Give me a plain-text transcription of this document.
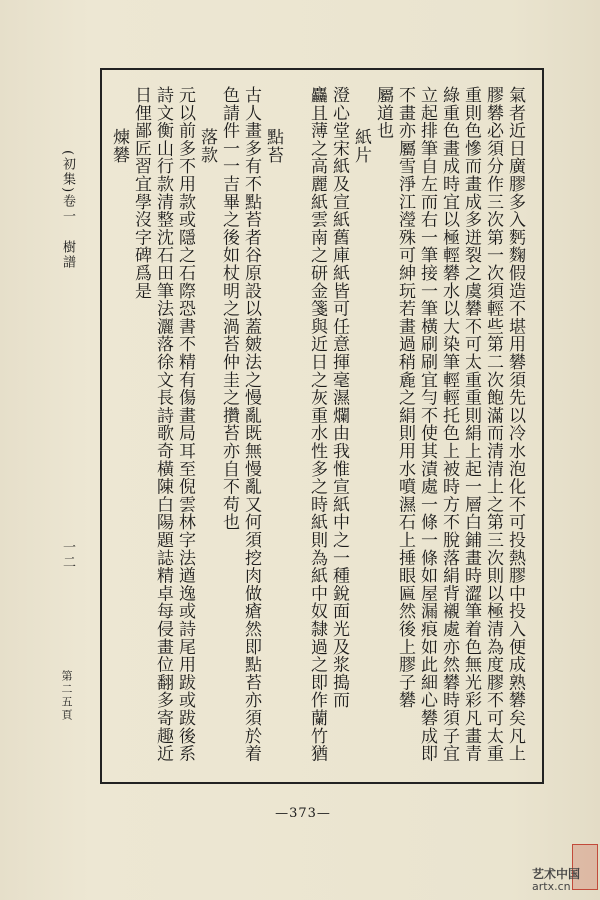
氣者近日廣膠多入麫麴假造不堪用礬須先以冷水泡化不可投熱膠中投入便成熟礬矣凡上
膠礬必須分作三次第一次須輕些第二次飽滿而清清上之第三次則以極清為度膠不可太重
重則色慘而畫成多迸裂之虞礬不可太重重則絹上起一層白鋪畫時澀筆着色無光彩凡畫青
綠重色畫成時宜以極輕礬水以大染筆輕輕托色上被時方不脫落絹背襯處亦然礬時須子宜
立起排筆自左而右一筆接一筆橫刷刷宜勻不使其漬處一條一條如屋漏痕如此細心礬成即
不畫亦屬雪淨江瀅殊可紳玩若畫過稍麁之絹則用水噴濕石上捶眼匾然後上膠子礬
屬道也
紙片
澄心堂宋紙及宣紙舊庫紙皆可任意揮毫濕爛由我惟宣紙中之一種銳面光及浆搗而
麤且薄之高麗紙雲南之研金箋與近日之灰重水性多之時紙則為紙中奴隸過之即作蘭竹猶
點苔
古人畫多有不點苔者谷原設以蓋皴法之慢亂既無慢亂又何須挖肉做瘡然即點苔亦須於着
色請件一一吉畢之後如杖明之渦苔仲圭之攢苔亦自不苟也
落款
元以前多不用款或隱之石際恐書不精有傷畫局耳至倪雲林字法遒逸或詩尾用跋或跋後系
詩文衡山行款清整沈石田筆法灑落徐文長詩歌奇橫陳白陽題誌精卓每侵畫位翻多寄趣近
日俚鄙匠習宜學沒字碑爲是
煉礬
(初集)卷一
樹譜
一二
第二五頁
—373—
艺术中国
artx.cn
